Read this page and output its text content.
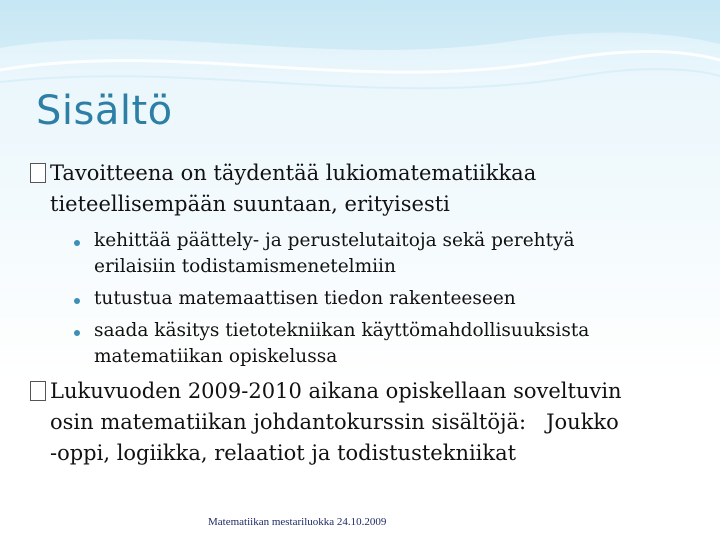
Sisältö
Tavoitteena on täydentää lukiomatematiikkaa
tieteellisempään suuntaan, erityisesti
kehittää päättely- ja perustelutaitoja sekä perehtyä
erilaisiin todistamismenetelmiin
tutustua matemaattisen tiedon rakenteeseen
saada käsitys tietotekniikan käyttömahdollisuuksista
matematiikan opiskelussa
Lukuvuoden 2009-2010 aikana opiskellaan soveltuvin
osin matematiikan johdantokurssin sisältöjä:   Joukko
-oppi, logiikka, relaatiot ja todistustekniikat
Matematiikan mestariluokka 24.10.2009
